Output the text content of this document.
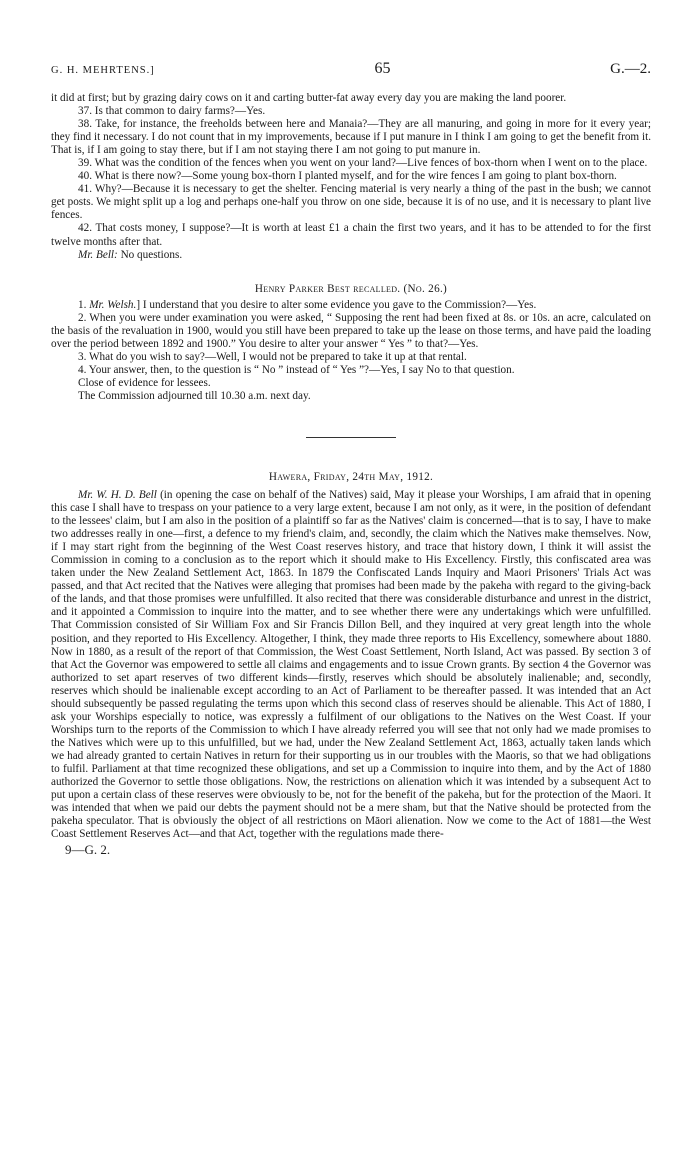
G. H. MEHRTENS.]	65	G.—2.

it did at first; but by grazing dairy cows on it and carting butter-fat away every day you are making the land poorer.

37. Is that common to dairy farms?—Yes.

38. Take, for instance, the freeholds between here and Manaia?—They are all manuring, and going in more for it every year; they find it necessary. I do not count that in my improvements, because if I put manure in I think I am going to get the benefit from it. That is, if I am going to stay there, but if I am not staying there I am not going to put manure in.

39. What was the condition of the fences when you went on your land?—Live fences of box-thorn when I went on to the place.

40. What is there now?—Some young box-thorn I planted myself, and for the wire fences I am going to plant box-thorn.

41. Why?—Because it is necessary to get the shelter. Fencing material is very nearly a thing of the past in the bush; we cannot get posts. We might split up a log and perhaps one-half you throw on one side, because it is of no use, and it is necessary to plant live fences.

42. That costs money, I suppose?—It is worth at least £1 a chain the first two years, and it has to be attended to for the first twelve months after that.

Mr. Bell: No questions.

Henry Parker Best recalled. (No. 26.)

1. Mr. Welsh.] I understand that you desire to alter some evidence you gave to the Commission?—Yes.

2. When you were under examination you were asked, “ Supposing the rent had been fixed at 8s. or 10s. an acre, calculated on the basis of the revaluation in 1900, would you still have been prepared to take up the lease on those terms, and have paid the loading over the period between 1892 and 1900.” You desire to alter your answer “ Yes ” to that?—Yes.

3. What do you wish to say?—Well, I would not be prepared to take it up at that rental.

4. Your answer, then, to the question is “ No ” instead of “ Yes ”?—Yes, I say No to that question.

Close of evidence for lessees.

The Commission adjourned till 10.30 a.m. next day.

Hawera, Friday, 24th May, 1912.

Mr. W. H. D. Bell (in opening the case on behalf of the Natives) said, May it please your Worships, I am afraid that in opening this case I shall have to trespass on your patience to a very large extent, because I am not only, as it were, in the position of defendant to the lessees' claim, but I am also in the position of a plaintiff so far as the Natives' claim is concerned—that is to say, I have to make two addresses really in one—first, a defence to my friend's claim, and, secondly, the claim which the Natives make themselves. Now, if I may start right from the beginning of the West Coast reserves history, and trace that history down, I think it will assist the Commission in coming to a conclusion as to the report which it should make to His Excellency. Firstly, this confiscated area was taken under the New Zealand Settlement Act, 1863. In 1879 the Confiscated Lands Inquiry and Maori Prisoners' Trials Act was passed, and that Act recited that the Natives were alleging that promises had been made by the pakeha with regard to the giving-back of the lands, and that those promises were unfulfilled. It also recited that there was considerable disturbance and unrest in the district, and it appointed a Commission to inquire into the matter, and to see whether there were any undertakings which were unfulfilled. That Commission consisted of Sir William Fox and Sir Francis Dillon Bell, and they inquired at very great length into the whole position, and they reported to His Excellency. Altogether, I think, they made three reports to His Excellency, somewhere about 1880. Now in 1880, as a result of the report of that Commission, the West Coast Settlement, North Island, Act was passed. By section 3 of that Act the Governor was empowered to settle all claims and engagements and to issue Crown grants. By section 4 the Governor was authorized to set apart reserves of two different kinds—firstly, reserves which should be absolutely inalienable; and, secondly, reserves which should be inalienable except according to an Act of Parliament to be thereafter passed. It was intended that an Act should subsequently be passed regulating the terms upon which this second class of reserves should be alienable. This Act of 1880, I ask your Worships especially to notice, was expressly a fulfilment of our obligations to the Natives on the West Coast. If your Worships turn to the reports of the Commission to which I have already referred you will see that not only had we made promises to the Natives which were up to this unfulfilled, but we had, under the New Zealand Settlement Act, 1863, actually taken lands which we had already granted to certain Natives in return for their supporting us in our troubles with the Maoris, so that we had obligations to fulfil. Parliament at that time recognized these obligations, and set up a Commission to inquire into them, and by the Act of 1880 authorized the Governor to settle those obligations. Now, the restrictions on alienation which it was intended by a subsequent Act to put upon a certain class of these reserves were obviously to be, not for the benefit of the pakeha, but for the protection of the Maori. It was intended that when we paid our debts the payment should not be a mere sham, but that the Native should be protected from the pakeha speculator. That is obviously the object of all restrictions on Māori alienation. Now we come to the Act of 1881—the West Coast Settlement Reserves Act—and that Act, together with the regulations made there-

9—G. 2.
